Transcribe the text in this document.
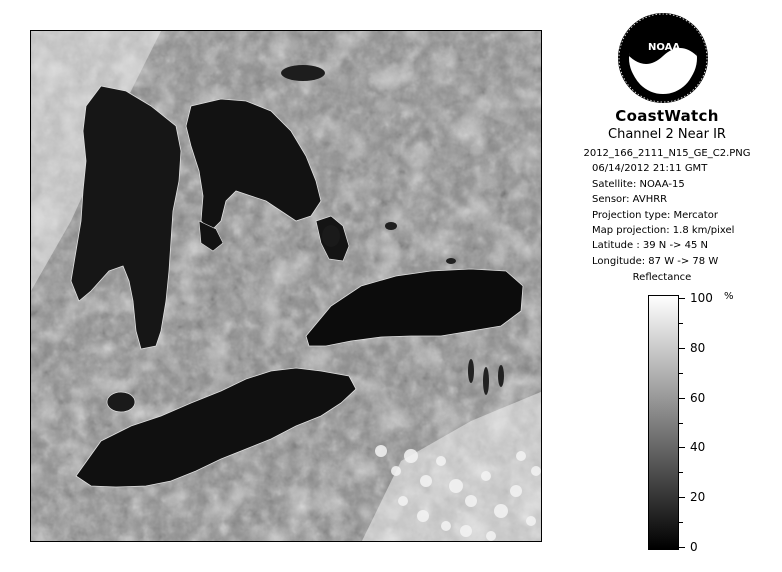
NOAA
CoastWatch
Channel 2 Near IR
2012_166_2111_N15_GE_C2.PNG
06/14/2012 21:11 GMT
Satellite: NOAA-15
Sensor: AVHRR
Projection type: Mercator
Map projection: 1.8 km/pixel
Latitude : 39 N -> 45 N
Longitude: 87 W -> 78 W
Reflectance
%
100
80
60
40
20
0
